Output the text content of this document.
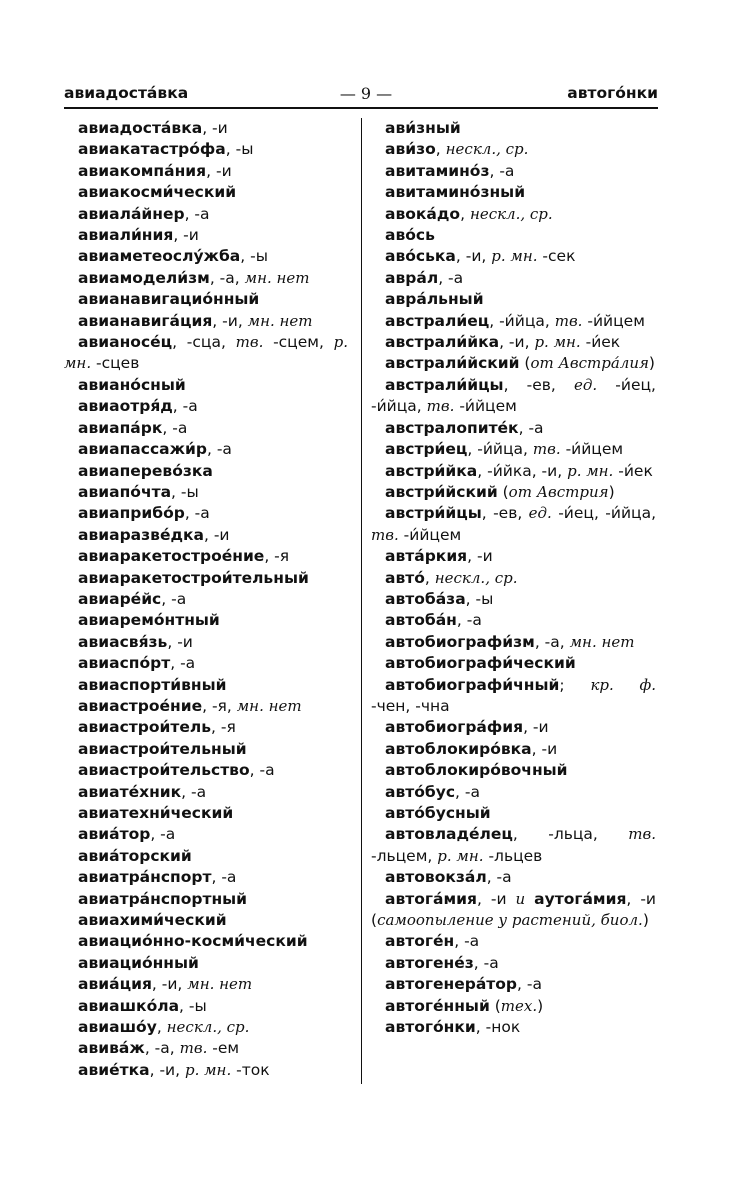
авиадоста́вка	— 9 —	автого́нки
авиадоста́вка, -и
авиакатастро́фа, -ы
авиакомпа́ния, -и
авиакосми́ческий
авиала́йнер, -а
авиали́ния, -и
авиаметеослу́жба, -ы
авиамодели́зм, -а, мн. нет
авианавигацио́нный
авианавига́ция, -и, мн. нет
авианосе́ц, -сца, тв. -сцем, р. мн. -сцев
авиано́сный
авиаотря́д, -а
авиапа́рк, -а
авиапассажи́р, -а
авиаперево́зка
авиапо́чта, -ы
авиаприбо́р, -а
авиаразве́дка, -и
авиаракетостроéние, -я
авиаракетострои́тельный
авиаре́йс, -а
авиаремо́нтный
авиасвя́зь, -и
авиаспо́рт, -а
авиаспорти́вный
авиастрое́ние, -я, мн. нет
авиастрои́тель, -я
авиастрои́тельный
авиастрои́тельство, -а
авиате́хник, -а
авиатехни́ческий
авиа́тор, -а
авиа́торский
авиатра́нспорт, -а
авиатра́нспортный
авиахими́ческий
авиацио́нно-косми́ческий
авиацио́нный
авиа́ция, -и, мн. нет
авиашко́ла, -ы
авиашо́у, нескл., ср.
авива́ж, -а, тв. -ем
авие́тка, -и, р. мн. -ток
ави́зный
ави́зо, нескл., ср.
авитамино́з, -а
авитамино́зный
авока́до, нескл., ср.
аво́сь
аво́ська, -и, р. мн. -сек
авра́л, -а
авра́льный
австрали́ец, -и́йца, тв. -и́йцем
австрали́йка, -и, р. мн. -и́ек
австрали́йский (от Австра́лия)
австрали́йцы, -ев, ед. -и́ец, -и́йца, тв. -и́йцем
австралопите́к, -а
австри́ец, -и́йца, тв. -и́йцем
австри́йка, -и́йка, -и, р. мн. -и́ек
австри́йский (от Австрия)
австри́йцы, -ев, ед. -и́ец, -и́йца, тв. -и́йцем
авта́ркия, -и
авто́, нескл., ср.
автоба́за, -ы
автоба́н, -а
автобиографи́зм, -а, мн. нет
автобиографи́ческий
автобиографи́чный; кр. ф. -чен, -чна
автобиогра́фия, -и
автоблокиро́вка, -и
автоблокиро́вочный
авто́бус, -а
авто́бусный
автовладе́лец, -льца, тв. -льцем, р. мн. -льцев
автовокза́л, -а
автога́мия, -и и аутога́мия, -и (самоопыление у растений, биол.)
автоге́н, -а
автогене́з, -а
автогенера́тор, -а
автоге́нный (тех.)
автого́нки, -нок
